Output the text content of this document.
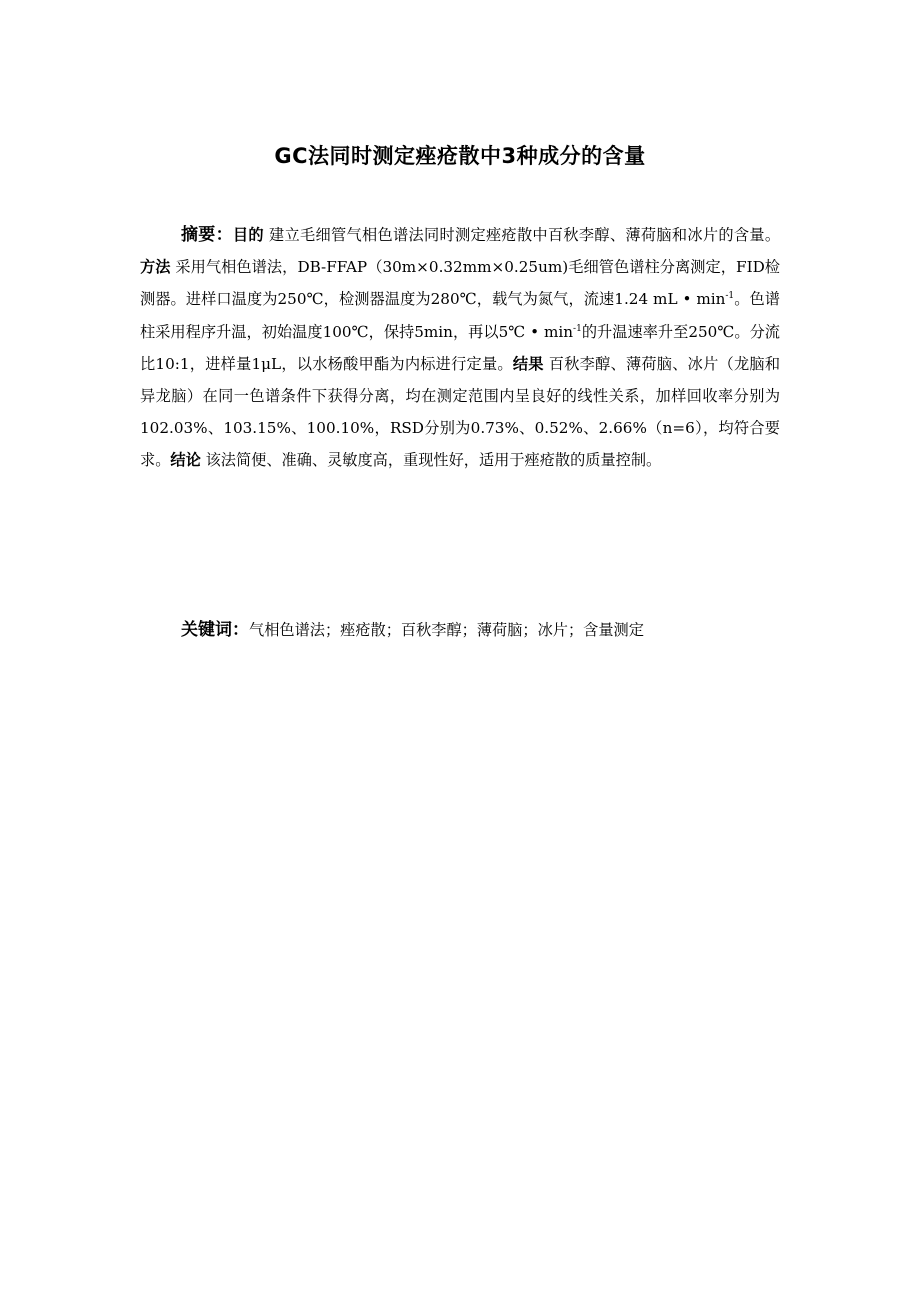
GC法同时测定痤疮散中3种成分的含量

摘要：目的 建立毛细管气相色谱法同时测定痤疮散中百秋李醇、薄荷脑和冰片的含量。方法 采用气相色谱法，DB-FFAP（30m×0.32mm×0.25um)毛细管色谱柱分离测定，FID检测器。进样口温度为250℃，检测器温度为280℃，载气为氮气，流速1.24 mL • $\min^{-1}$。色谱柱采用程序升温，初始温度100℃，保持5min，再以5℃ • $\min^{-1}$的升温速率升至250℃。分流比10:1，进样量1μL，以水杨酸甲酯为内标进行定量。结果 百秋李醇、薄荷脑、冰片（龙脑和异龙脑）在同一色谱条件下获得分离，均在测定范围内呈良好的线性关系，加样回收率分别为102.03%、103.15%、100.10%，RSD分别为0.73%、0.52%、2.66%（n=6），均符合要求。结论 该法简便、准确、灵敏度高，重现性好，适用于痤疮散的质量控制。

关键词：气相色谱法；痤疮散；百秋李醇；薄荷脑；冰片；含量测定
